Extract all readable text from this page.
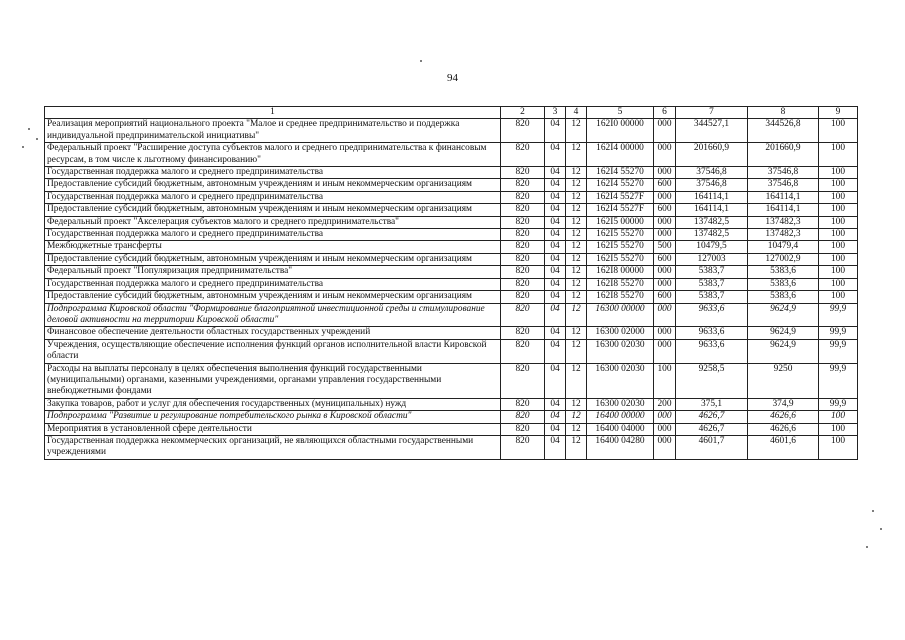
94
1	2	3	4	5	6	7	8	9
Реализация мероприятий национального проекта "Малое и среднее предпринимательство и поддержка индивидуальной предпринимательской инициативы"	820	04	12	162I0 00000	000	344527,1	344526,8	100
Федеральный проект "Расширение доступа субъектов малого и среднего предпринимательства к финансовым ресурсам, в том числе к льготному финансированию"	820	04	12	162I4 00000	000	201660,9	201660,9	100
Государственная поддержка малого и среднего предпринимательства	820	04	12	162I4 55270	000	37546,8	37546,8	100
Предоставление субсидий бюджетным, автономным учреждениям и иным некоммерческим организациям	820	04	12	162I4 55270	600	37546,8	37546,8	100
Государственная поддержка малого и среднего предпринимательства	820	04	12	162I4 5527F	000	164114,1	164114,1	100
Предоставление субсидий бюджетным, автономным учреждениям и иным некоммерческим организациям	820	04	12	162I4 5527F	600	164114,1	164114,1	100
Федеральный проект "Акселерация субъектов малого и среднего предпринимательства"	820	04	12	162I5 00000	000	137482,5	137482,3	100
Государственная поддержка малого и среднего предпринимательства	820	04	12	162I5 55270	000	137482,5	137482,3	100
Межбюджетные трансферты	820	04	12	162I5 55270	500	10479,5	10479,4	100
Предоставление субсидий бюджетным, автономным учреждениям и иным некоммерческим организациям	820	04	12	162I5 55270	600	127003	127002,9	100
Федеральный проект "Популяризация предпринимательства"	820	04	12	162I8 00000	000	5383,7	5383,6	100
Государственная поддержка малого и среднего предпринимательства	820	04	12	162I8 55270	000	5383,7	5383,6	100
Предоставление субсидий бюджетным, автономным учреждениям и иным некоммерческим организациям	820	04	12	162I8 55270	600	5383,7	5383,6	100
Подпрограмма Кировской области "Формирование благоприятной инвестиционной среды и стимулирование деловой активности на территории Кировской области"	820	04	12	16300 00000	000	9633,6	9624,9	99,9
Финансовое обеспечение деятельности областных государственных учреждений	820	04	12	16300 02000	000	9633,6	9624,9	99,9
Учреждения, осуществляющие обеспечение исполнения функций органов исполнительной власти Кировской области	820	04	12	16300 02030	000	9633,6	9624,9	99,9
Расходы на выплаты персоналу в целях обеспечения выполнения функций государственными (муниципальными) органами, казенными учреждениями, органами управления государственными внебюджетными фондами	820	04	12	16300 02030	100	9258,5	9250	99,9
Закупка товаров, работ и услуг для обеспечения государственных (муниципальных) нужд	820	04	12	16300 02030	200	375,1	374,9	99,9
Подпрограмма "Развитие и регулирование потребительского рынка в Кировской области"	820	04	12	16400 00000	000	4626,7	4626,6	100
Мероприятия в установленной сфере деятельности	820	04	12	16400 04000	000	4626,7	4626,6	100
Государственная поддержка некоммерческих организаций, не являющихся областными государственными учреждениями	820	04	12	16400 04280	000	4601,7	4601,6	100
